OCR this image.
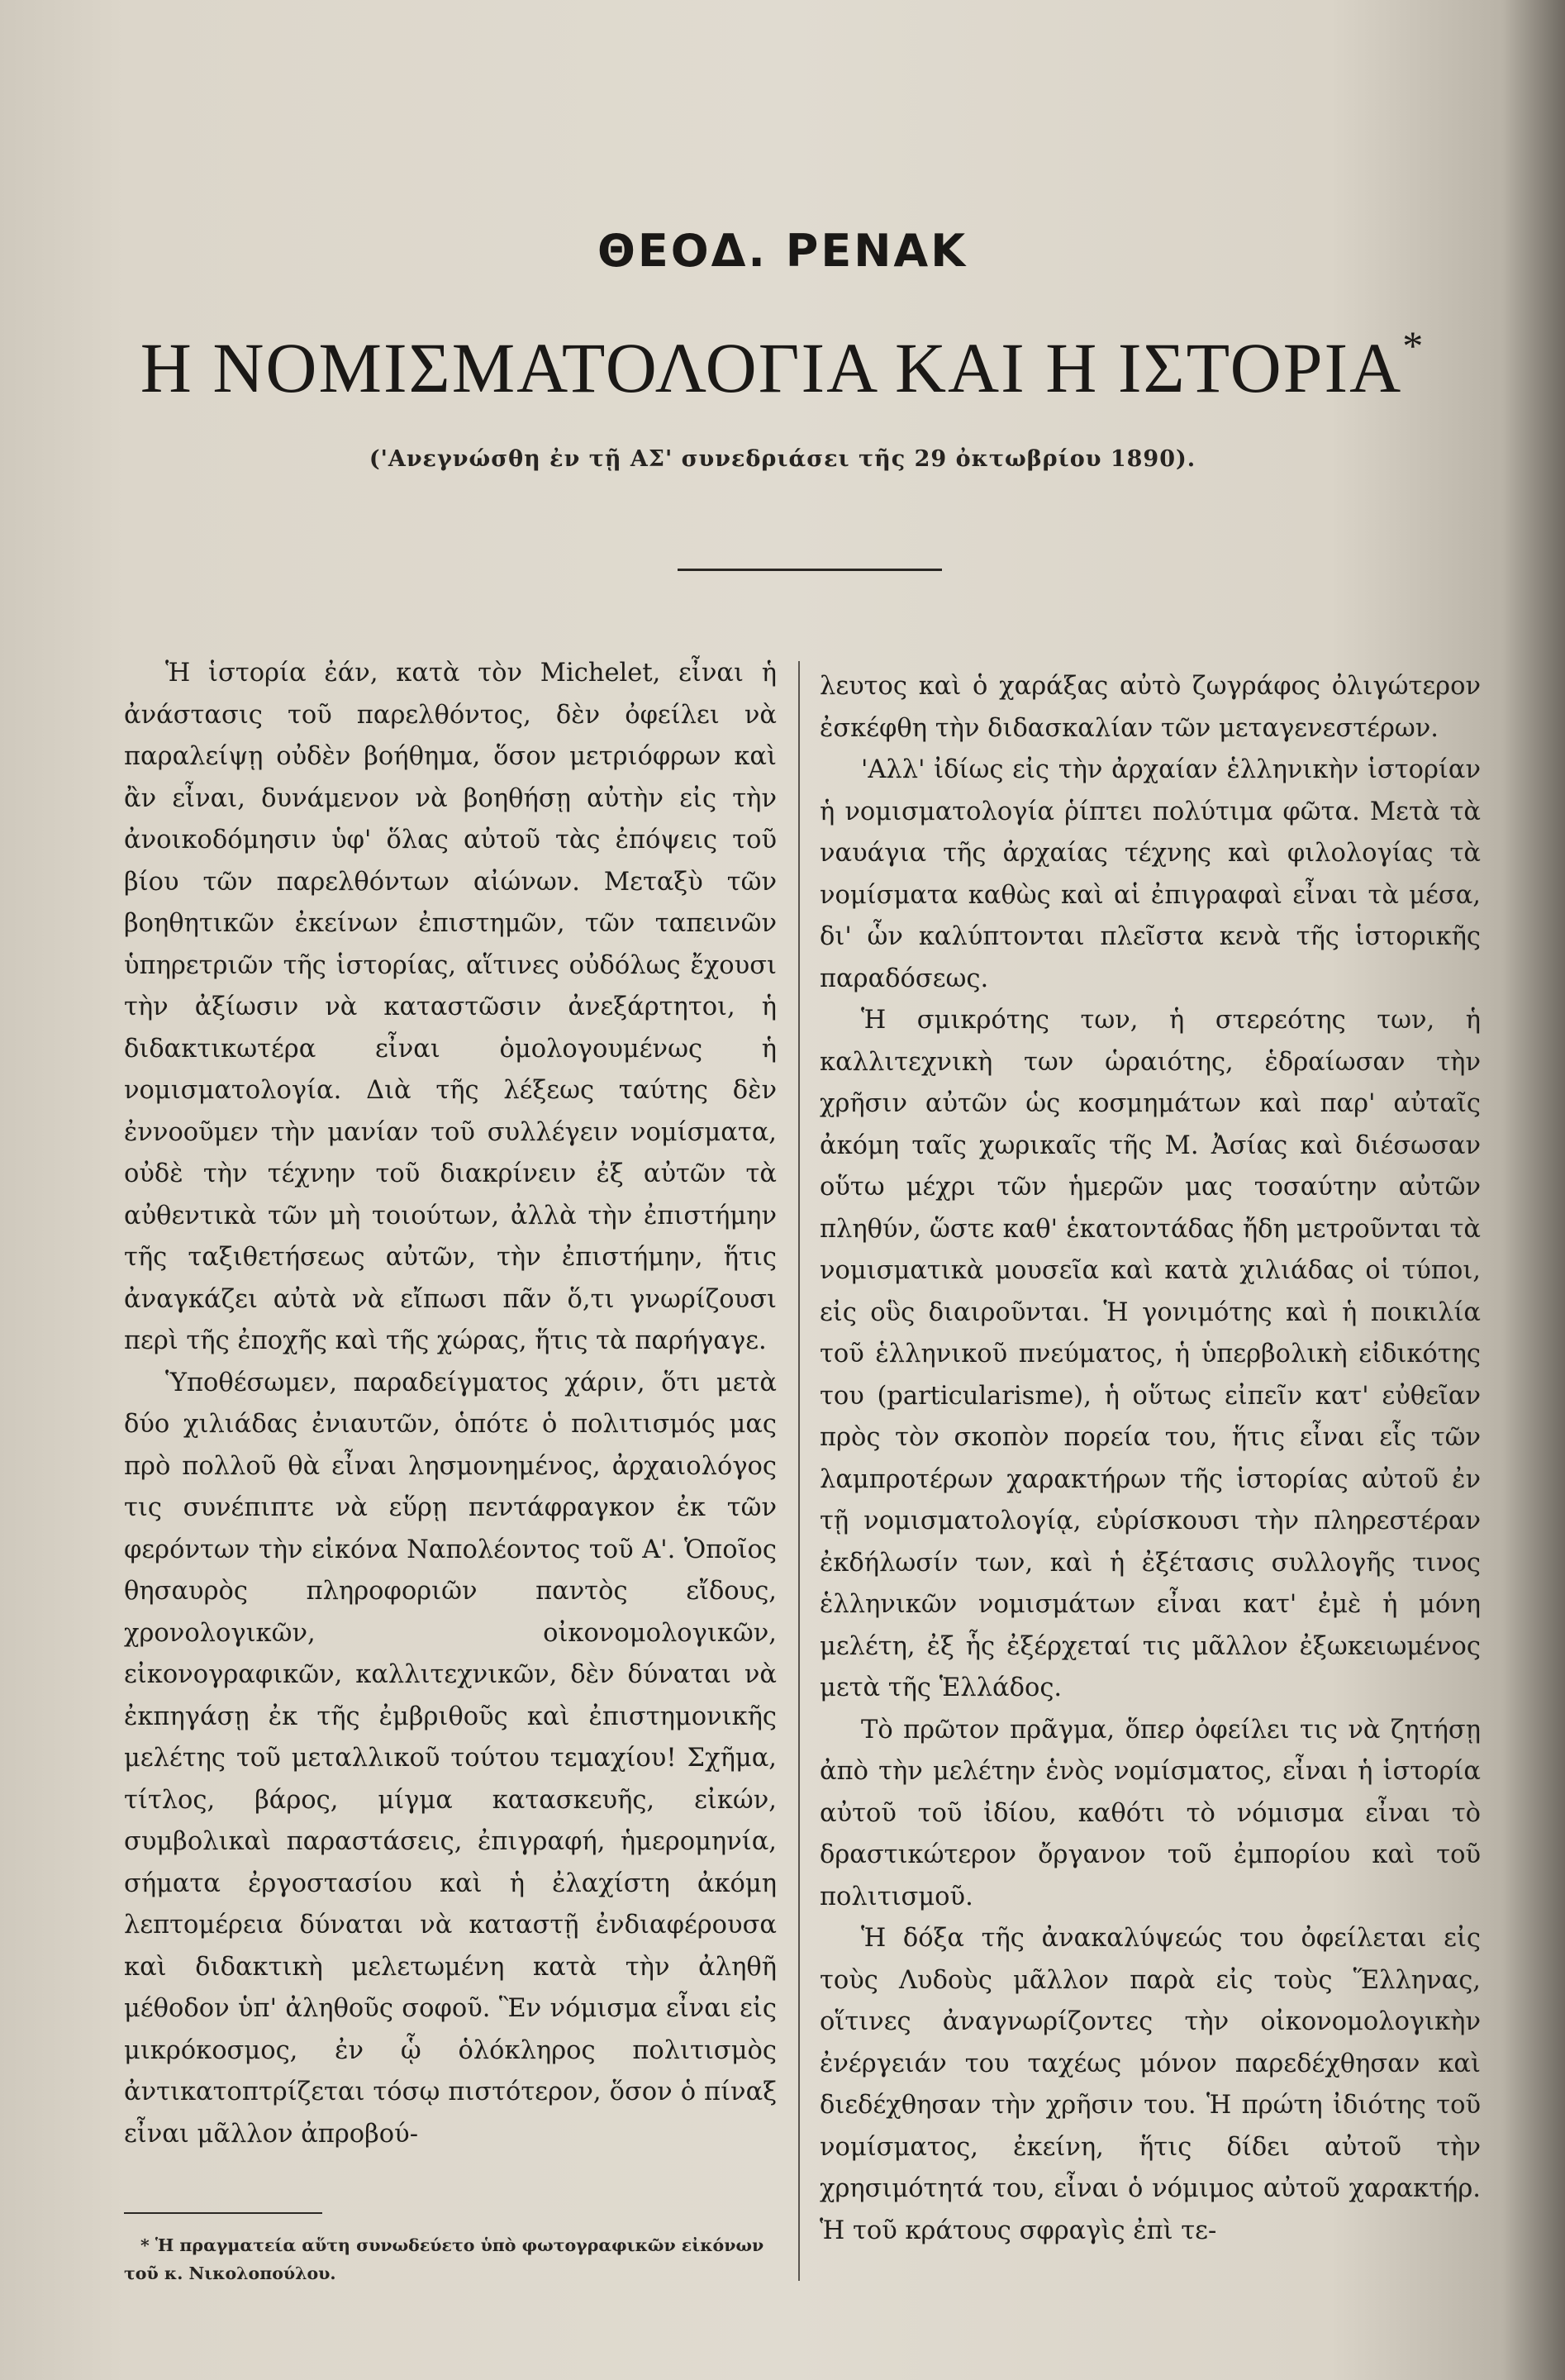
ΘΕΟΔ. ΡΕΝΑΚ
Η ΝΟΜΙΣΜΑΤΟΛΟΓΙΑ ΚΑΙ Η ΙΣΤΟΡΙΑ*
('Ανεγνώσθη ἐν τῇ ΑΣ' συνεδριάσει τῆς 29 ὀκτωβρίου 1890).

Ἡ ἱστορία ἐάν, κατὰ τὸν Michelet, εἶναι ἡ ἀνάστασις τοῦ παρελθόντος, δὲν ὀφείλει νὰ παραλείψῃ οὐδὲν βοήθημα, ὅσον μετριόφρων καὶ ἂν εἶναι, δυνάμενον νὰ βοηθήσῃ αὐτὴν εἰς τὴν ἀνοικοδόμησιν ὑφ' ὅλας αὐτοῦ τὰς ἐπόψεις τοῦ βίου τῶν παρελθόντων αἰώνων. Μεταξὺ τῶν βοηθητικῶν ἐκείνων ἐπιστημῶν, τῶν ταπεινῶν ὑπηρετριῶν τῆς ἱστορίας, αἵτινες οὐδόλως ἔχουσι τὴν ἀξίωσιν νὰ καταστῶσιν ἀνεξάρτητοι, ἡ διδακτικωτέρα εἶναι ὁμολογουμένως ἡ νομισματολογία. Διὰ τῆς λέξεως ταύτης δὲν ἐννοοῦμεν τὴν μανίαν τοῦ συλλέγειν νομίσματα, οὐδὲ τὴν τέχνην τοῦ διακρίνειν ἐξ αὐτῶν τὰ αὐθεντικὰ τῶν μὴ τοιούτων, ἀλλὰ τὴν ἐπιστήμην τῆς ταξιθετήσεως αὐτῶν, τὴν ἐπιστήμην, ἥτις ἀναγκάζει αὐτὰ νὰ εἴπωσι πᾶν ὅ,τι γνωρίζουσι περὶ τῆς ἐποχῆς καὶ τῆς χώρας, ἥτις τὰ παρήγαγε.

Ὑποθέσωμεν, παραδείγματος χάριν, ὅτι μετὰ δύο χιλιάδας ἐνιαυτῶν, ὁπότε ὁ πολιτισμός μας πρὸ πολλοῦ θὰ εἶναι λησμονημένος, ἀρχαιολόγος τις συνέπιπτε νὰ εὕρῃ πεντάφραγκον ἐκ τῶν φερόντων τὴν εἰκόνα Ναπολέοντος τοῦ Α'. Ὁποῖος θησαυρὸς πληροφοριῶν παντὸς εἴδους, χρονολογικῶν, οἰκονομολογικῶν, εἰκονογραφικῶν, καλλιτεχνικῶν, δὲν δύναται νὰ ἐκπηγάσῃ ἐκ τῆς ἐμβριθοῦς καὶ ἐπιστημονικῆς μελέτης τοῦ μεταλλικοῦ τούτου τεμαχίου! Σχῆμα, τίτλος, βάρος, μίγμα κατασκευῆς, εἰκών, συμβολικαὶ παραστάσεις, ἐπιγραφή, ἡμερομηνία, σήματα ἐργοστασίου καὶ ἡ ἐλαχίστη ἀκόμη λεπτομέρεια δύναται νὰ καταστῇ ἐνδιαφέρουσα καὶ διδακτικὴ μελετωμένη κατὰ τὴν ἀληθῆ μέθοδον ὑπ' ἀληθοῦς σοφοῦ. Ἓν νόμισμα εἶναι εἰς μικρόκοσμος, ἐν ᾧ ὁλόκληρος πολιτισμὸς ἀντικατοπτρίζεται τόσῳ πιστότερον, ὅσον ὁ πίναξ εἶναι μᾶλλον ἀπροβού-

λευτος καὶ ὁ χαράξας αὐτὸ ζωγράφος ὀλιγώτερον ἐσκέφθη τὴν διδασκαλίαν τῶν μεταγενεστέρων.

'Αλλ' ἰδίως εἰς τὴν ἀρχαίαν ἑλληνικὴν ἱστορίαν ἡ νομισματολογία ῥίπτει πολύτιμα φῶτα. Μετὰ τὰ ναυάγια τῆς ἀρχαίας τέχνης καὶ φιλολογίας τὰ νομίσματα καθὼς καὶ αἱ ἐπιγραφαὶ εἶναι τὰ μέσα, δι' ὧν καλύπτονται πλεῖστα κενὰ τῆς ἱστορικῆς παραδόσεως.

Ἡ σμικρότης των, ἡ στερεότης των, ἡ καλλιτεχνικὴ των ὡραιότης, ἑδραίωσαν τὴν χρῆσιν αὐτῶν ὡς κοσμημάτων καὶ παρ' αὐταῖς ἀκόμη ταῖς χωρικαῖς τῆς Μ. Ἀσίας καὶ διέσωσαν οὕτω μέχρι τῶν ἡμερῶν μας τοσαύτην αὐτῶν πληθύν, ὥστε καθ' ἑκατοντάδας ἤδη μετροῦνται τὰ νομισματικὰ μουσεῖα καὶ κατὰ χιλιάδας οἱ τύποι, εἰς οὓς διαιροῦνται. Ἡ γονιμότης καὶ ἡ ποικιλία τοῦ ἑλληνικοῦ πνεύματος, ἡ ὑπερβολικὴ εἰδικότης του (particularisme), ἡ οὕτως εἰπεῖν κατ' εὐθεῖαν πρὸς τὸν σκοπὸν πορεία του, ἥτις εἶναι εἷς τῶν λαμπροτέρων χαρακτήρων τῆς ἱστορίας αὐτοῦ ἐν τῇ νομισματολογίᾳ, εὑρίσκουσι τὴν πληρεστέραν ἐκδήλωσίν των, καὶ ἡ ἐξέτασις συλλογῆς τινος ἑλληνικῶν νομισμάτων εἶναι κατ' ἐμὲ ἡ μόνη μελέτη, ἐξ ἧς ἐξέρχεταί τις μᾶλλον ἐξωκειωμένος μετὰ τῆς Ἑλλάδος.

Τὸ πρῶτον πρᾶγμα, ὅπερ ὀφείλει τις νὰ ζητήσῃ ἀπὸ τὴν μελέτην ἑνὸς νομίσματος, εἶναι ἡ ἱστορία αὐτοῦ τοῦ ἰδίου, καθότι τὸ νόμισμα εἶναι τὸ δραστικώτερον ὄργανον τοῦ ἐμπορίου καὶ τοῦ πολιτισμοῦ.

Ἡ δόξα τῆς ἀνακαλύψεώς του ὀφείλεται εἰς τοὺς Λυδοὺς μᾶλλον παρὰ εἰς τοὺς Ἕλληνας, οἵτινες ἀναγνωρίζοντες τὴν οἰκονομολογικὴν ἐνέργειάν του ταχέως μόνον παρεδέχθησαν καὶ διεδέχθησαν τὴν χρῆσιν του. Ἡ πρώτη ἰδιότης τοῦ νομίσματος, ἐκείνη, ἥτις δίδει αὐτοῦ τὴν χρησιμότητά του, εἶναι ὁ νόμιμος αὐτοῦ χαρακτήρ. Ἡ τοῦ κράτους σφραγὶς ἐπὶ τε-

* Ἡ πραγματεία αὕτη συνωδεύετο ὑπὸ φωτογραφικῶν εἰκόνων τοῦ κ. Νικολοπούλου.
